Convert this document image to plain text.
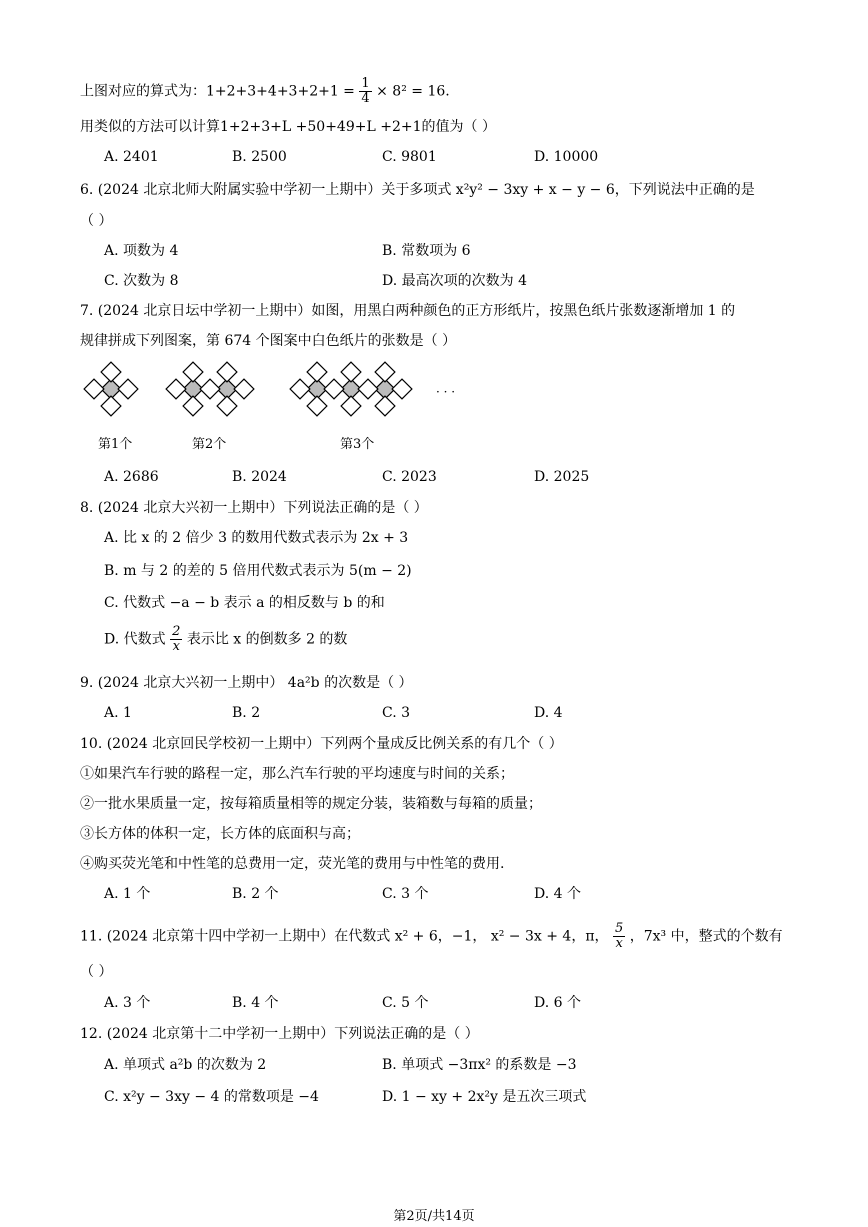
上图对应的算式为：$1+2+3+4+3+2+1 = \frac{1}{4} \times 8^2 = 16$.
用类似的方法可以计算1+2+3+L +50+49+L +2+1的值为（ ）
A. 2401	B. 2500	C. 9801	D. 10000
6. (2024 北京北师大附属实验中学初一上期中）关于多项式 x²y² − 3xy + x − y − 6，下列说法中正确的是
（ ）
A. 项数为 4	B. 常数项为 6
C. 次数为 8	D. 最高次项的次数为 4
7. (2024 北京日坛中学初一上期中）如图，用黑白两种颜色的正方形纸片，按黑色纸片张数逐渐增加 1 的
规律拼成下列图案，第 674 个图案中白色纸片的张数是（ ）
· · ·
第1个	第2个	第3个
A. 2686	B. 2024	C. 2023	D. 2025
8. (2024 北京大兴初一上期中）下列说法正确的是（ ）
A. 比 x 的 2 倍少 3 的数用代数式表示为 2x + 3
B. m 与 2 的差的 5 倍用代数式表示为 5(m − 2)
C. 代数式 −a − b 表示 a 的相反数与 b 的和
D. 代数式 $\frac{2}{x}$ 表示比 x 的倒数多 2 的数
9. (2024 北京大兴初一上期中） 4a²b 的次数是（ ）
A. 1	B. 2	C. 3	D. 4
10. (2024 北京回民学校初一上期中）下列两个量成反比例关系的有几个（ ）
①如果汽车行驶的路程一定，那么汽车行驶的平均速度与时间的关系；
②一批水果质量一定，按每箱质量相等的规定分装，装箱数与每箱的质量；
③长方体的体积一定，长方体的底面积与高；
④购买荧光笔和中性笔的总费用一定，荧光笔的费用与中性笔的费用.
A. 1 个	B. 2 个	C. 3 个	D. 4 个
11. (2024 北京第十四中学初一上期中）在代数式 x² + 6，−1， x² − 3x + 4，π， $\frac{5}{x}$ ，7x³ 中，整式的个数有
（ ）
A. 3 个	B. 4 个	C. 5 个	D. 6 个
12. (2024 北京第十二中学初一上期中）下列说法正确的是（ ）
A. 单项式 a²b 的次数为 2	B. 单项式 −3πx² 的系数是 −3
C. x²y − 3xy − 4 的常数项是 −4	D. 1 − xy + 2x²y 是五次三项式
第2页/共14页
